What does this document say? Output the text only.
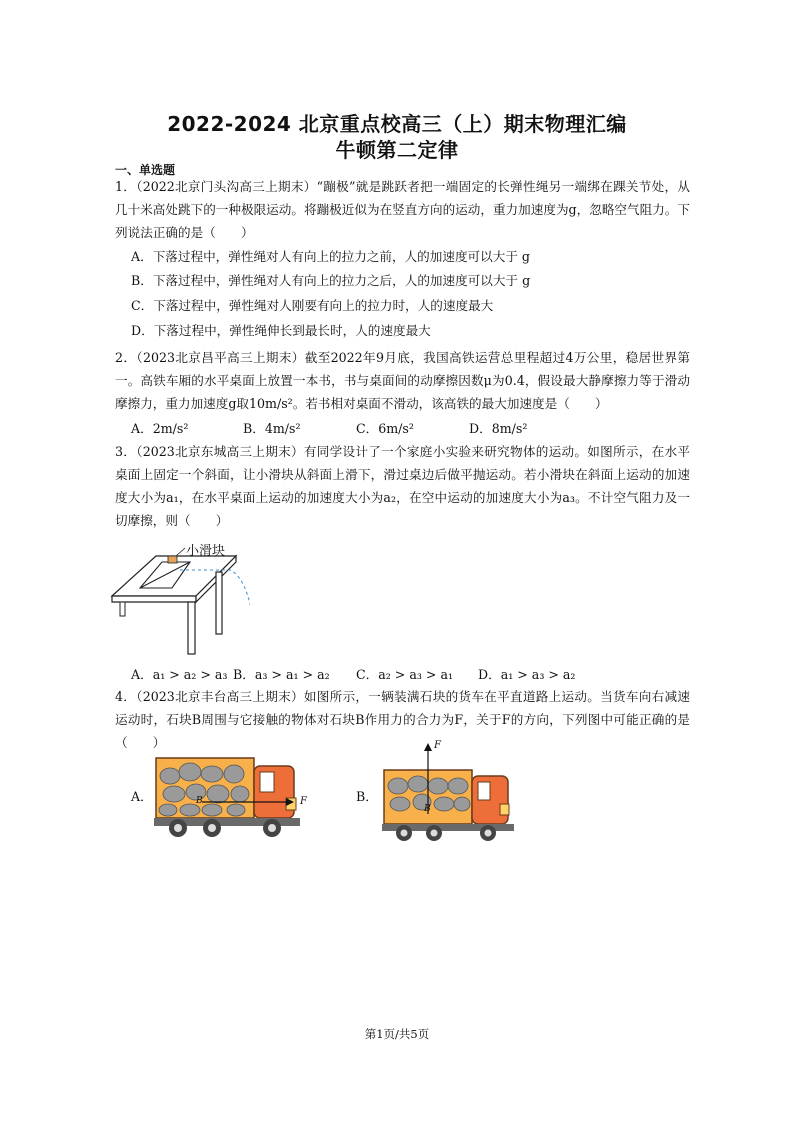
2022-2024 北京重点校高三（上）期末物理汇编
牛顿第二定律
一、单选题
1．（2022北京门头沟高三上期末）“蹦极”就是跳跃者把一端固定的长弹性绳另一端绑在踝关节处，从几十米高处跳下的一种极限运动。将蹦极近似为在竖直方向的运动，重力加速度为g，忽略空气阻力。下列说法正确的是（　　）
A．下落过程中，弹性绳对人有向上的拉力之前，人的加速度可以大于 g
B．下落过程中，弹性绳对人有向上的拉力之后，人的加速度可以大于 g
C．下落过程中，弹性绳对人刚要有向上的拉力时，人的速度最大
D．下落过程中，弹性绳伸长到最长时，人的速度最大
2．（2023北京昌平高三上期末）截至2022年9月底，我国高铁运营总里程超过4万公里，稳居世界第一。高铁车厢的水平桌面上放置一本书，书与桌面间的动摩擦因数μ为0.4，假设最大静摩擦力等于滑动摩擦力，重力加速度g取10m/s²。若书相对桌面不滑动，该高铁的最大加速度是（　　）
A．2m/s²	B．4m/s²	C．6m/s²	D．8m/s²
3．（2023北京东城高三上期末）有同学设计了一个家庭小实验来研究物体的运动。如图所示，在水平桌面上固定一个斜面，让小滑块从斜面上滑下，滑过桌边后做平抛运动。若小滑块在斜面上运动的加速度大小为a₁，在水平桌面上运动的加速度大小为a₂，在空中运动的加速度大小为a₃。不计空气阻力及一切摩擦，则（　　）
小滑块
A．a₁ > a₂ > a₃ B．a₃ > a₁ > a₂ C．a₂ > a₃ > a₁ D．a₁ > a₃ > a₂
4．（2023北京丰台高三上期末）如图所示，一辆装满石块的货车在平直道路上运动。当货车向右减速运动时，石块B周围与它接触的物体对石块B作用力的合力为F，关于F的方向，下列图中可能正确的是（　　）
A．	B．
B	F
B
F
第1页/共5页
